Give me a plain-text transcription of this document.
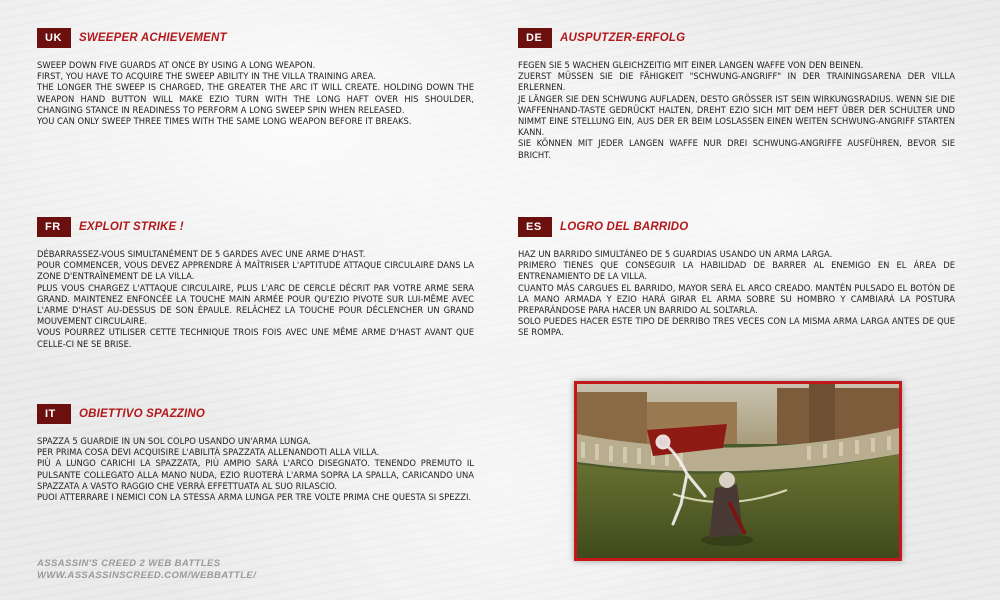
UK	SWEEPER ACHIEVEMENT

SWEEP DOWN FIVE GUARDS AT ONCE BY USING A LONG WEAPON.

FIRST, YOU HAVE TO ACQUIRE THE SWEEP ABILITY IN THE VILLA TRAINING AREA.

THE LONGER THE SWEEP IS CHARGED, THE GREATER THE ARC IT WILL CREATE. HOLDING DOWN THE WEAPON HAND BUTTON WILL MAKE EZIO TURN WITH THE LONG HAFT OVER HIS SHOULDER, CHANGING STANCE IN READINESS TO PERFORM A LONG SWEEP SPIN WHEN RELEASED.

YOU CAN ONLY SWEEP THREE TIMES WITH THE SAME LONG WEAPON BEFORE IT BREAKS.

DE	AUSPUTZER-ERFOLG

FEGEN SIE 5 WACHEN GLEICHZEITIG MIT EINER LANGEN WAFFE VON DEN BEINEN.

ZUERST MÜSSEN SIE DIE FÄHIGKEIT "SCHWUNG-ANGRIFF" IN DER TRAININGSARENA DER VILLA ERLERNEN.

JE LÄNGER SIE DEN SCHWUNG AUFLADEN, DESTO GRÖSSER IST SEIN WIRKUNGSRADIUS. WENN SIE DIE WAFFENHAND-TASTE GEDRÜCKT HALTEN, DREHT EZIO SICH MIT DEM HEFT ÜBER DER SCHULTER UND NIMMT EINE STELLUNG EIN, AUS DER ER BEIM LOSLASSEN EINEN WEITEN SCHWUNG-ANGRIFF STARTEN KANN.

SIE KÖNNEN MIT JEDER LANGEN WAFFE NUR DREI SCHWUNG-ANGRIFFE AUSFÜHREN, BEVOR SIE BRICHT.

FR	EXPLOIT STRIKE !

DÉBARRASSEZ-VOUS SIMULTANÉMENT DE 5 GARDES AVEC UNE ARME D'HAST.

POUR COMMENCER, VOUS DEVEZ APPRENDRE À MAÎTRISER L'APTITUDE ATTAQUE CIRCULAIRE DANS LA ZONE D'ENTRAÎNEMENT DE LA VILLA.

PLUS VOUS CHARGEZ L'ATTAQUE CIRCULAIRE, PLUS L'ARC DE CERCLE DÉCRIT PAR VOTRE ARME SERA GRAND. MAINTENEZ ENFONCÉE LA TOUCHE MAIN ARMÉE POUR QU'EZIO PIVOTE SUR LUI-MÊME AVEC L'ARME D'HAST AU-DESSUS DE SON ÉPAULE. RELÂCHEZ LA TOUCHE POUR DÉCLENCHER UN GRAND MOUVEMENT CIRCULAIRE.

VOUS POURREZ UTILISER CETTE TECHNIQUE TROIS FOIS AVEC UNE MÊME ARME D'HAST AVANT QUE CELLE-CI NE SE BRISE.

ES	LOGRO DEL BARRIDO

HAZ UN BARRIDO SIMULTÁNEO DE 5 GUARDIAS USANDO UN ARMA LARGA.

PRIMERO TIENES QUE CONSEGUIR LA HABILIDAD DE BARRER AL ENEMIGO EN EL ÁREA DE ENTRENAMIENTO DE LA VILLA.

CUANTO MÁS CARGUES EL BARRIDO, MAYOR SERÁ EL ARCO CREADO. MANTÉN PULSADO EL BOTÓN DE LA MANO ARMADA Y EZIO HARÁ GIRAR EL ARMA SOBRE SU HOMBRO Y CAMBIARÁ LA POSTURA PREPARÁNDOSE PARA HACER UN BARRIDO AL SOLTARLA.

SOLO PUEDES HACER ESTE TIPO DE DERRIBO TRES VECES CON LA MISMA ARMA LARGA ANTES DE QUE SE ROMPA.

IT	OBIETTIVO SPAZZINO

SPAZZA 5 GUARDIE IN UN SOL COLPO USANDO UN'ARMA LUNGA.

PER PRIMA COSA DEVI ACQUISIRE L'ABILITÀ SPAZZATA ALLENANDOTI ALLA VILLA.

PIÙ A LUNGO CARICHI LA SPAZZATA, PIÙ AMPIO SARÀ L'ARCO DISEGNATO. TENENDO PREMUTO IL PULSANTE COLLEGATO ALLA MANO NUDA, EZIO RUOTERÀ L'ARMA SOPRA LA SPALLA, CARICANDO UNA SPAZZATA A VASTO RAGGIO CHE VERRÀ EFFETTUATA AL SUO RILASCIO.

PUOI ATTERRARE I NEMICI CON LA STESSA ARMA LUNGA PER TRE VOLTE PRIMA CHE QUESTA SI SPEZZI.

ASSASSIN'S CREED 2 WEB BATTLES
WWW.ASSASSINSCREED.COM/WEBBATTLE/
